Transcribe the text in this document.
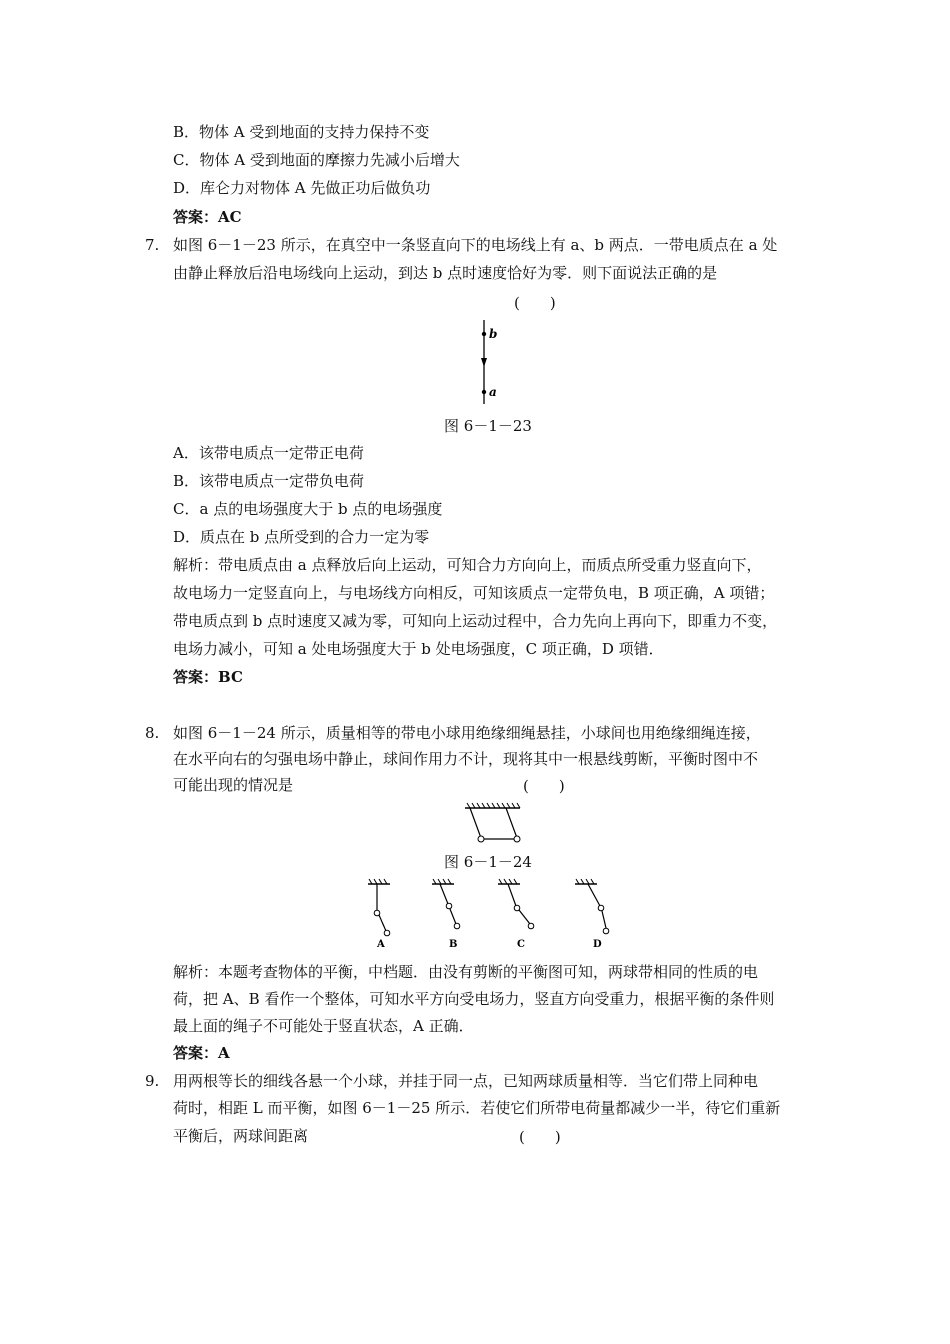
B．物体 A 受到地面的支持力保持不变
C．物体 A 受到地面的摩擦力先减小后增大
D．库仑力对物体 A 先做正功后做负功
答案：AC
7. 如图 6－1－23 所示，在真空中一条竖直向下的电场线上有 a、b 两点．一带电质点在 a 处
由静止释放后沿电场线向上运动，到达 b 点时速度恰好为零．则下面说法正确的是
(　　)
b
a
图 6－1－23
A．该带电质点一定带正电荷
B．该带电质点一定带负电荷
C．a 点的电场强度大于 b 点的电场强度
D．质点在 b 点所受到的合力一定为零
解析：带电质点由 a 点释放后向上运动，可知合力方向向上，而质点所受重力竖直向下，
故电场力一定竖直向上，与电场线方向相反，可知该质点一定带负电，B 项正确，A 项错；
带电质点到 b 点时速度又减为零，可知向上运动过程中，合力先向上再向下，即重力不变，
电场力减小，可知 a 处电场强度大于 b 处电场强度，C 项正确，D 项错．
答案：BC
8. 如图 6－1－24 所示，质量相等的带电小球用绝缘细绳悬挂，小球间也用绝缘细绳连接，
在水平向右的匀强电场中静止，球间作用力不计，现将其中一根悬线剪断，平衡时图中不
可能出现的情况是	(　　)
图 6－1－24
A	B	C	D
解析：本题考查物体的平衡，中档题．由没有剪断的平衡图可知，两球带相同的性质的电
荷，把 A、B 看作一个整体，可知水平方向受电场力，竖直方向受重力，根据平衡的条件则
最上面的绳子不可能处于竖直状态，A 正确．
答案：A
9. 用两根等长的细线各悬一个小球，并挂于同一点，已知两球质量相等．当它们带上同种电
荷时，相距 L 而平衡，如图 6－1－25 所示．若使它们所带电荷量都减少一半，待它们重新
平衡后，两球间距离	(　　)
